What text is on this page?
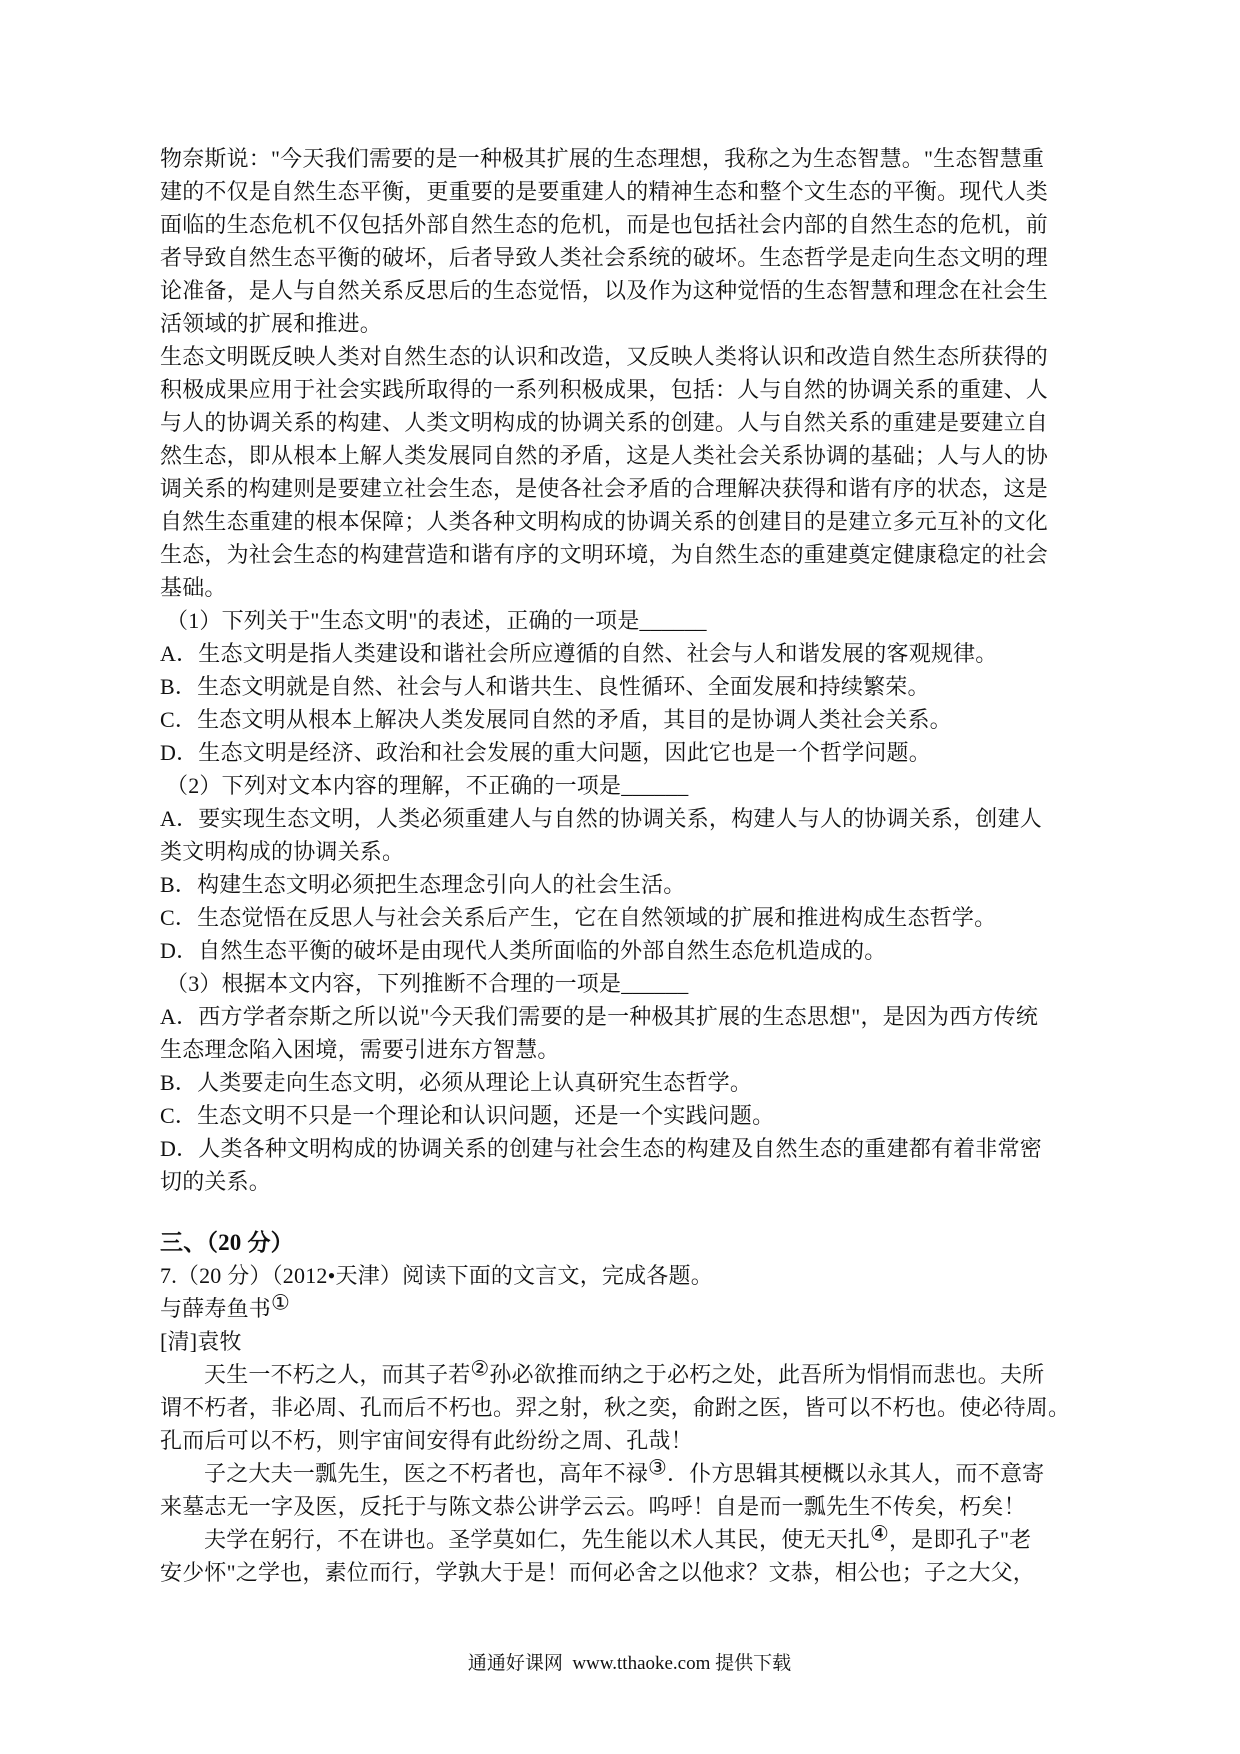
物奈斯说："今天我们需要的是一种极其扩展的生态理想，我称之为生态智慧。"生态智慧重
建的不仅是自然生态平衡，更重要的是要重建人的精神生态和整个文生态的平衡。现代人类
面临的生态危机不仅包括外部自然生态的危机，而是也包括社会内部的自然生态的危机，前
者导致自然生态平衡的破坏，后者导致人类社会系统的破坏。生态哲学是走向生态文明的理
论准备，是人与自然关系反思后的生态觉悟，以及作为这种觉悟的生态智慧和理念在社会生
活领域的扩展和推进。
生态文明既反映人类对自然生态的认识和改造，又反映人类将认识和改造自然生态所获得的
积极成果应用于社会实践所取得的一系列积极成果，包括：人与自然的协调关系的重建、人
与人的协调关系的构建、人类文明构成的协调关系的创建。人与自然关系的重建是要建立自
然生态，即从根本上解人类发展同自然的矛盾，这是人类社会关系协调的基础；人与人的协
调关系的构建则是要建立社会生态，是使各社会矛盾的合理解决获得和谐有序的状态，这是
自然生态重建的根本保障；人类各种文明构成的协调关系的创建目的是建立多元互补的文化
生态，为社会生态的构建营造和谐有序的文明环境，为自然生态的重建奠定健康稳定的社会
基础。
（1）下列关于"生态文明"的表述，正确的一项是______
A．生态文明是指人类建设和谐社会所应遵循的自然、社会与人和谐发展的客观规律。
B．生态文明就是自然、社会与人和谐共生、良性循环、全面发展和持续繁荣。
C．生态文明从根本上解决人类发展同自然的矛盾，其目的是协调人类社会关系。
D．生态文明是经济、政治和社会发展的重大问题，因此它也是一个哲学问题。
（2）下列对文本内容的理解，不正确的一项是______
A．要实现生态文明，人类必须重建人与自然的协调关系，构建人与人的协调关系，创建人
类文明构成的协调关系。
B．构建生态文明必须把生态理念引向人的社会生活。
C．生态觉悟在反思人与社会关系后产生，它在自然领域的扩展和推进构成生态哲学。
D．自然生态平衡的破坏是由现代人类所面临的外部自然生态危机造成的。
（3）根据本文内容，下列推断不合理的一项是______
A．西方学者奈斯之所以说"今天我们需要的是一种极其扩展的生态思想"，是因为西方传统
生态理念陷入困境，需要引进东方智慧。
B．人类要走向生态文明，必须从理论上认真研究生态哲学。
C．生态文明不只是一个理论和认识问题，还是一个实践问题。
D．人类各种文明构成的协调关系的创建与社会生态的构建及自然生态的重建都有着非常密
切的关系。
三、（20 分）
7.（20 分）（2012•天津）阅读下面的文言文，完成各题。
与薛寿鱼书①
[清]袁牧
天生一不朽之人，而其子若②孙必欲推而纳之于必朽之处，此吾所为悁悁而悲也。夫所
谓不朽者，非必周、孔而后不朽也。羿之射，秋之奕，俞跗之医，皆可以不朽也。使必待周。
孔而后可以不朽，则宇宙间安得有此纷纷之周、孔哉！
子之大夫一瓢先生，医之不朽者也，高年不禄③．仆方思辑其梗概以永其人，而不意寄
来墓志无一字及医，反托于与陈文恭公讲学云云。呜呼！自是而一瓢先生不传矣，朽矣！
夫学在躬行，不在讲也。圣学莫如仁，先生能以术人其民，使无天扎④，是即孔子"老
安少怀"之学也，素位而行，学孰大于是！而何必舍之以他求？文恭，相公也；子之大父，

通通好课网  www.tthaoke.com 提供下载
